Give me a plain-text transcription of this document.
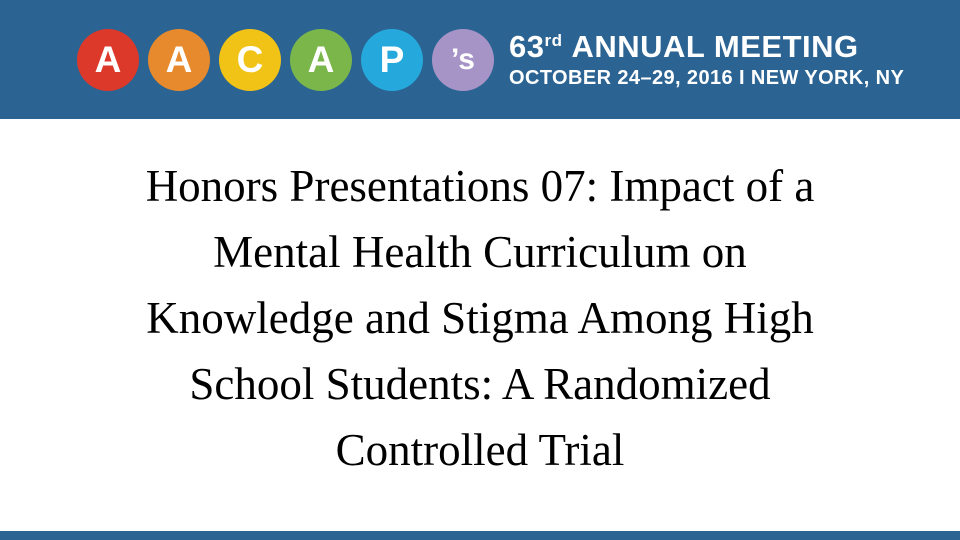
A	A	C	A	P	’s	63rd ANNUAL MEETING
OCTOBER 24–29, 2016 I NEW YORK, NY
Honors Presentations 07: Impact of a
Mental Health Curriculum on
Knowledge and Stigma Among High
School Students: A Randomized
Controlled Trial
